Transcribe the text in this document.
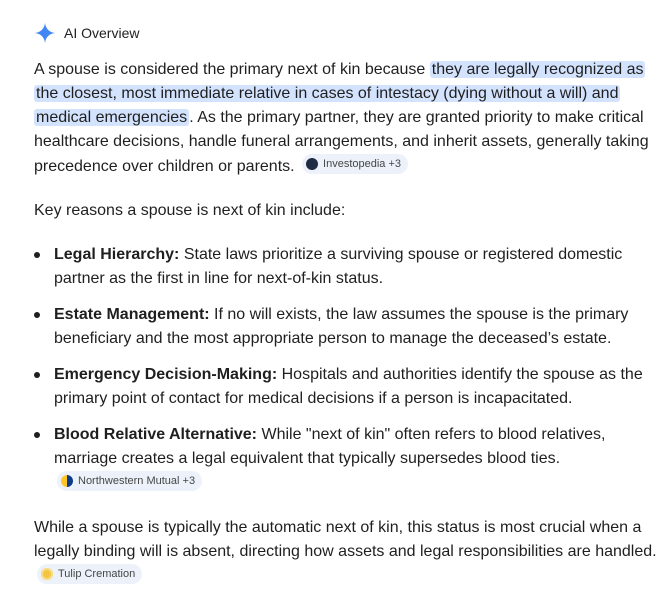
AI Overview

A spouse is considered the primary next of kin because they are legally recognized as the closest, most immediate relative in cases of intestacy (dying without a will) and medical emergencies . As the primary partner, they are granted priority to make critical healthcare decisions, handle funeral arrangements, and inherit assets, generally taking precedence over children or parents.	Investopedia +3

Key reasons a spouse is next of kin include:

Legal Hierarchy: State laws prioritize a surviving spouse or registered domestic partner as the first in line for next-of-kin status.
Estate Management: If no will exists, the law assumes the spouse is the primary beneficiary and the most appropriate person to manage the deceased’s estate.
Emergency Decision-Making: Hospitals and authorities identify the spouse as the primary point of contact for medical decisions if a person is incapacitated.
Blood Relative Alternative: While "next of kin" often refers to blood relatives, marriage creates a legal equivalent that typically supersedes blood ties.
Northwestern Mutual +3

While a spouse is typically the automatic next of kin, this status is most crucial when a legally binding will is absent, directing how assets and legal responsibilities are handled.
Tulip Cremation
